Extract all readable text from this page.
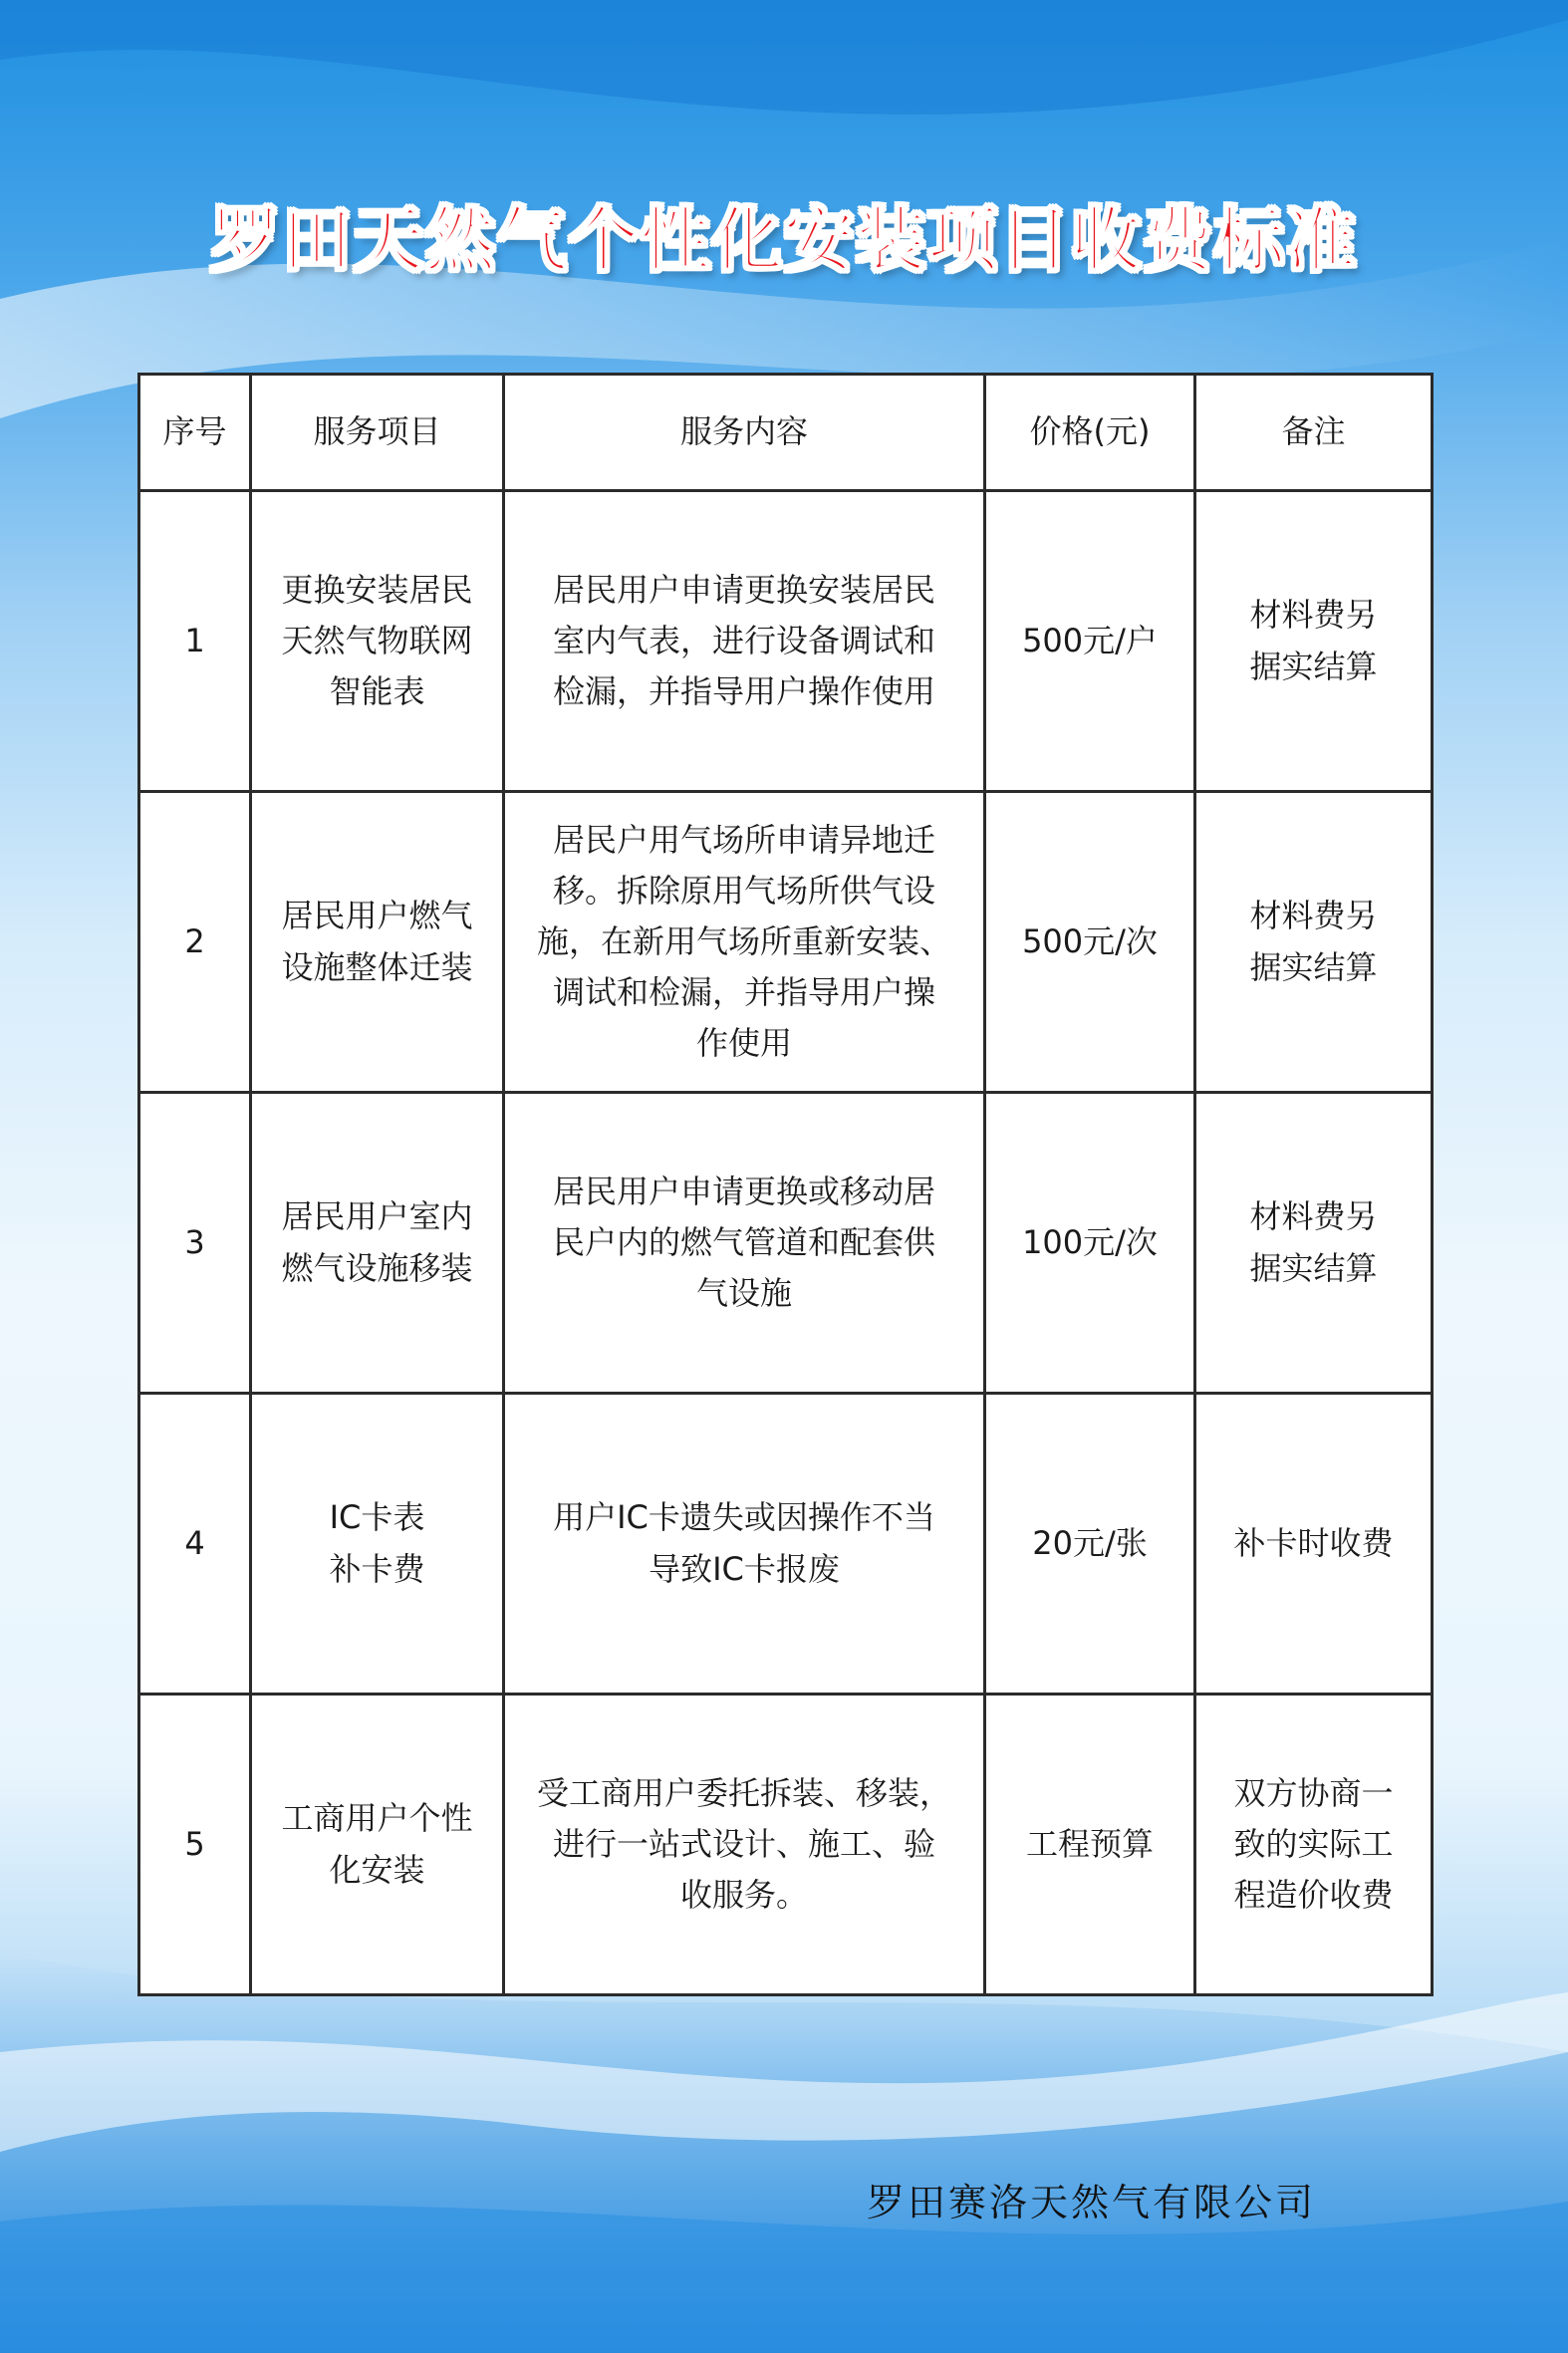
罗田天然气个性化安装项目收费标准
序号	服务项目	服务内容	价格(元)	备注
1	更换安装居民
天然气物联网
智能表	居民用户申请更换安装居民
室内气表，进行设备调试和
检漏，并指导用户操作使用	500元/户	材料费另
据实结算
2	居民用户燃气
设施整体迁装	居民户用气场所申请异地迁
移。拆除原用气场所供气设
施，在新用气场所重新安装、
调试和检漏，并指导用户操
作使用	500元/次	材料费另
据实结算
3	居民用户室内
燃气设施移装	居民用户申请更换或移动居
民户内的燃气管道和配套供
气设施	100元/次	材料费另
据实结算
4	IC卡表
补卡费	用户IC卡遗失或因操作不当
导致IC卡报废	20元/张	补卡时收费
5	工商用户个性
化安装	受工商用户委托拆装、移装，
进行一站式设计、施工、验
收服务。	工程预算	双方协商一
致的实际工
程造价收费
罗田赛洛天然气有限公司
